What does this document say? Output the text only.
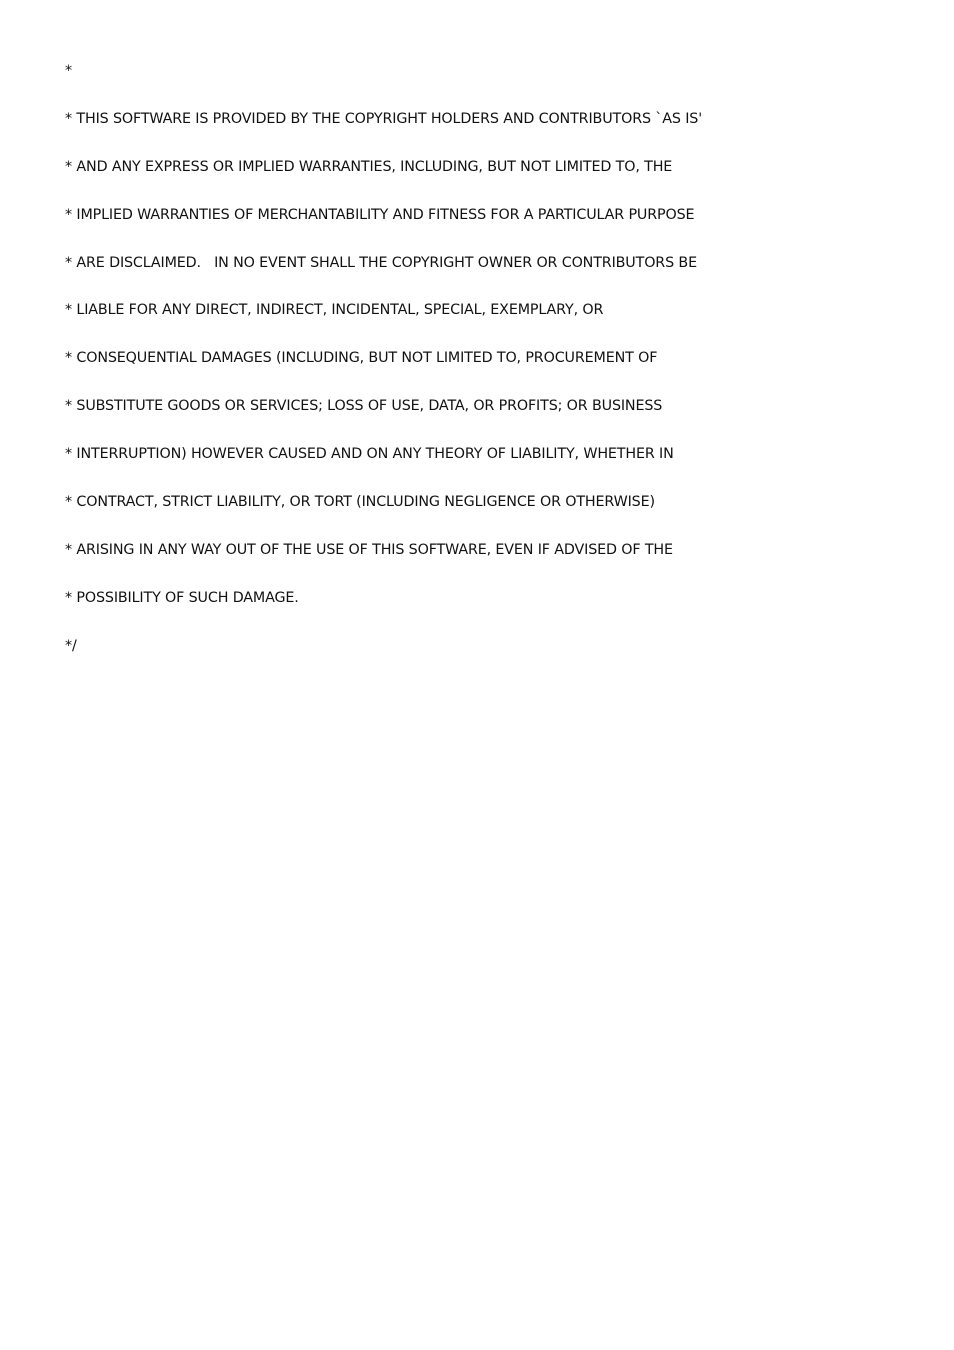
*
* THIS SOFTWARE IS PROVIDED BY THE COPYRIGHT HOLDERS AND CONTRIBUTORS `AS IS'
* AND ANY EXPRESS OR IMPLIED WARRANTIES, INCLUDING, BUT NOT LIMITED TO, THE
* IMPLIED WARRANTIES OF MERCHANTABILITY AND FITNESS FOR A PARTICULAR PURPOSE
* ARE DISCLAIMED.   IN NO EVENT SHALL THE COPYRIGHT OWNER OR CONTRIBUTORS BE
* LIABLE FOR ANY DIRECT, INDIRECT, INCIDENTAL, SPECIAL, EXEMPLARY, OR
* CONSEQUENTIAL DAMAGES (INCLUDING, BUT NOT LIMITED TO, PROCUREMENT OF
* SUBSTITUTE GOODS OR SERVICES; LOSS OF USE, DATA, OR PROFITS; OR BUSINESS
* INTERRUPTION) HOWEVER CAUSED AND ON ANY THEORY OF LIABILITY, WHETHER IN
* CONTRACT, STRICT LIABILITY, OR TORT (INCLUDING NEGLIGENCE OR OTHERWISE)
* ARISING IN ANY WAY OUT OF THE USE OF THIS SOFTWARE, EVEN IF ADVISED OF THE
* POSSIBILITY OF SUCH DAMAGE.
*/
